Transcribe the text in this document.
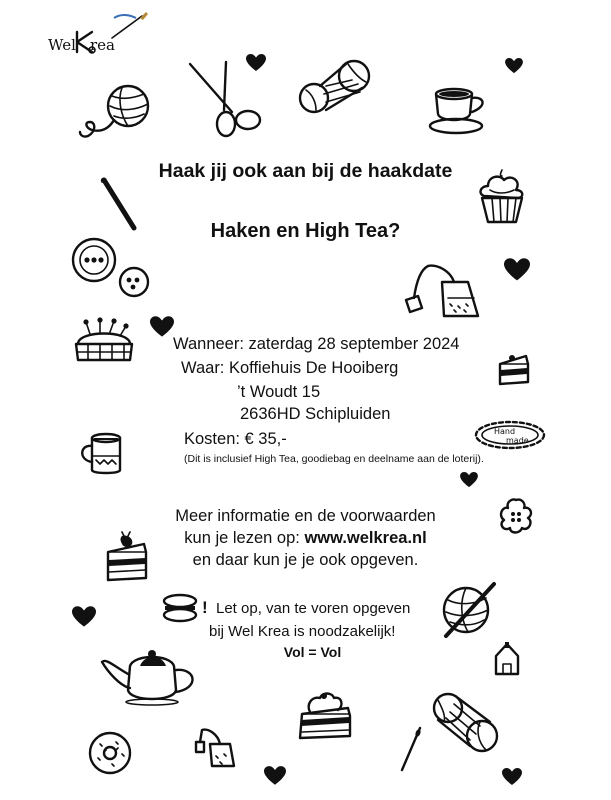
Wel rea
Haak jij ook aan bij de haakdate
Haken en High Tea?
Wanneer: zaterdag 28 september 2024
Waar: Koffiehuis De Hooiberg
’t Woudt 15
2636HD Schipluiden
Kosten: € 35,-
(Dit is inclusief High Tea, goodiebag en deelname aan de loterij).
Hand
made
Meer informatie en de voorwaarden
kun je lezen op: www.welkrea.nl
en daar kun je je ook opgeven.
! Let op, van te voren opgeven
bij Wel Krea is noodzakelijk!
Vol = Vol
